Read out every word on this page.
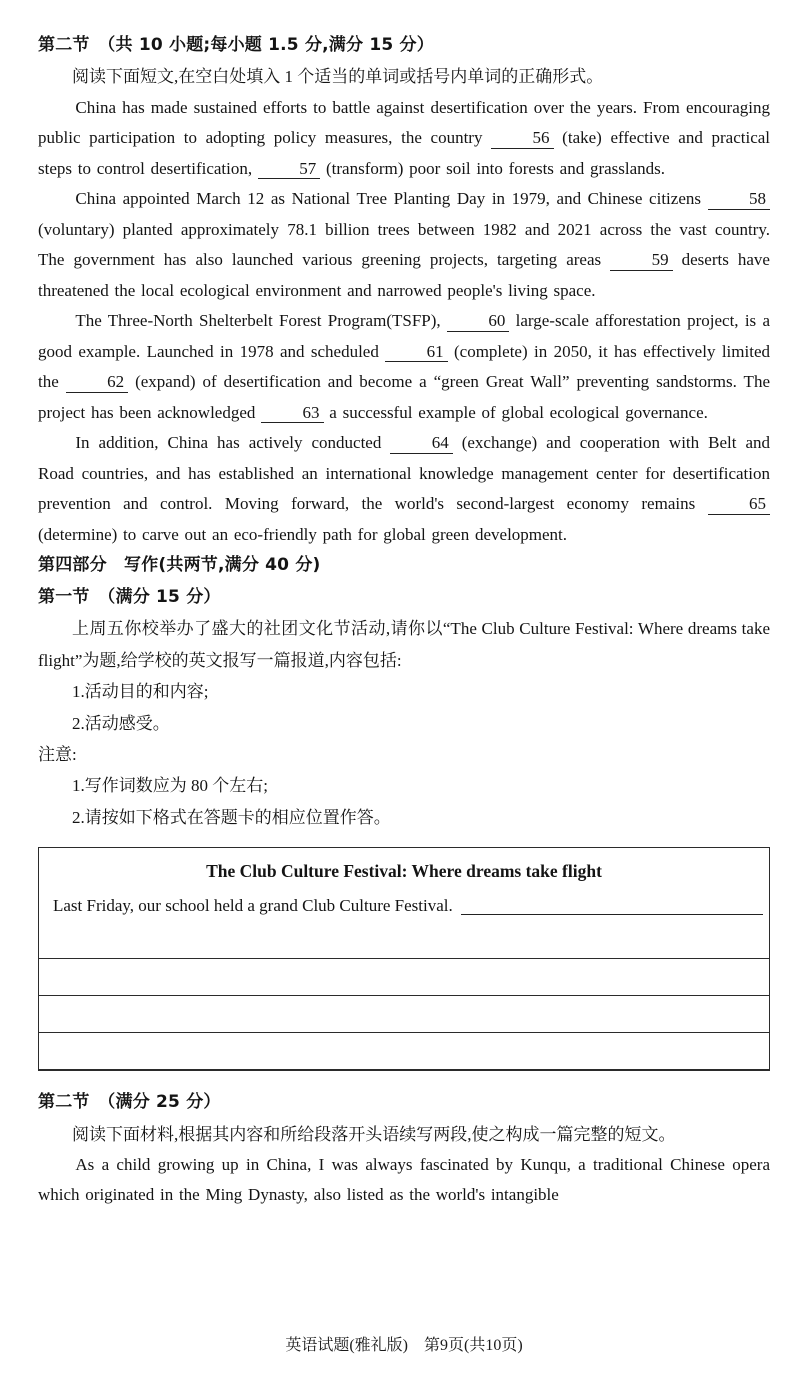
第二节　（共 10 小题;每小题 1.5 分,满分 15 分）
阅读下面短文,在空白处填入 1 个适当的单词或括号内单词的正确形式。

China has made sustained efforts to battle against desertification over the years. From encouraging public participation to adopting policy measures, the country 56 (take) effective and practical steps to control desertification, 57 (transform) poor soil into forests and grasslands.

China appointed March 12 as National Tree Planting Day in 1979, and Chinese citizens 58 (voluntary) planted approximately 78.1 billion trees between 1982 and 2021 across the vast country. The government has also launched various greening projects, targeting areas 59 deserts have threatened the local ecological environment and narrowed people's living space.

The Three-North Shelterbelt Forest Program(TSFP), 60 large-scale afforestation project, is a good example. Launched in 1978 and scheduled 61 (complete) in 2050, it has effectively limited the 62 (expand) of desertification and become a “green Great Wall” preventing sandstorms. The project has been acknowledged 63 a successful example of global ecological governance.

In addition, China has actively conducted 64 (exchange) and cooperation with Belt and Road countries, and has established an international knowledge management center for desertification prevention and control. Moving forward, the world's second-largest economy remains 65 (determine) to carve out an eco-friendly path for global green development.

第四部分　写作(共两节,满分 40 分)
第一节　（满分 15 分）
上周五你校举办了盛大的社团文化节活动,请你以“The Club Culture Festival: Where dreams take flight”为题,给学校的英文报写一篇报道,内容包括:
1.活动目的和内容;
2.活动感受。
注意:
1.写作词数应为 80 个左右;
2.请按如下格式在答题卡的相应位置作答。
The Club Culture Festival: Where dreams take flight
Last Friday, our school held a grand Club Culture Festival.
第二节　（满分 25 分）
阅读下面材料,根据其内容和所给段落开头语续写两段,使之构成一篇完整的短文。

As a child growing up in China, I was always fascinated by Kunqu, a traditional Chinese opera which originated in the Ming Dynasty, also listed as the world's intangible

英语试题(雅礼版)　第9页(共10页)
